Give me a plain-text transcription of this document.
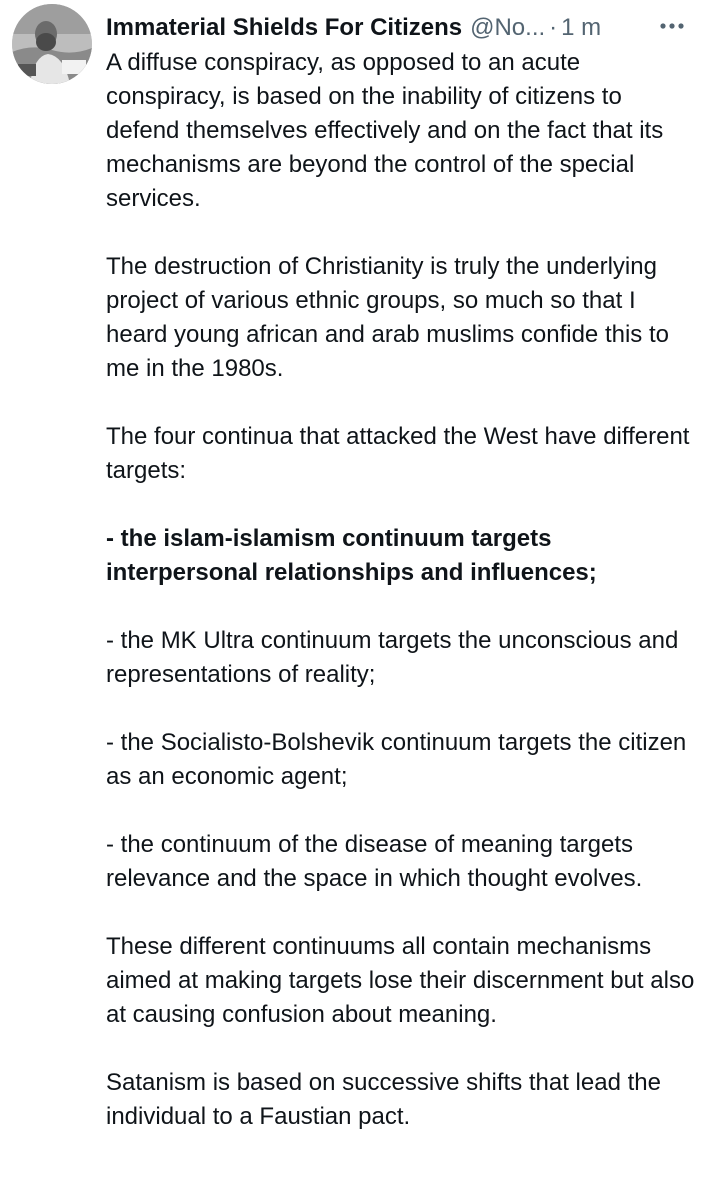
Immaterial Shields For Citizens @No... · 1 m

A diffuse conspiracy, as opposed to an acute conspiracy, is based on the inability of citizens to defend themselves effectively and on the fact that its mechanisms are beyond the control of the special services.

The destruction of Christianity is truly the underlying project of various ethnic groups, so much so that I heard young african and arab muslims confide this to me in the 1980s.

The four continua that attacked the West have different targets:

- the islam-islamism continuum targets interpersonal relationships and influences;

- the MK Ultra continuum targets the unconscious and representations of reality;

- the Socialisto-Bolshevik continuum targets the citizen as an economic agent;

- the continuum of the disease of meaning targets relevance and the space in which thought evolves.

These different continuums all contain mechanisms aimed at making targets lose their discernment but also at causing confusion about meaning.

Satanism is based on successive shifts that lead the individual to a Faustian pact.
